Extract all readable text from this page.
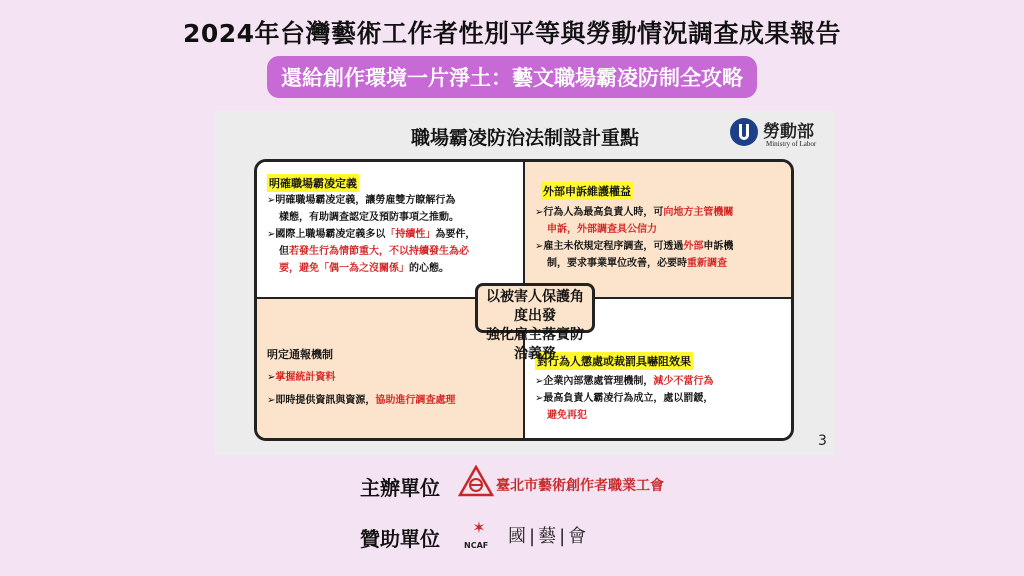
2024年台灣藝術工作者性別平等與勞動情況調查成果報告
還給創作環境一片淨土：藝文職場霸凌防制全攻略
職場霸凌防治法制設計重點	勞動部
Ministry of Labor
明確職場霸凌定義

➢明確職場霸凌定義，讓勞雇雙方瞭解行為

樣態，有助調查認定及預防事項之推動。

➢國際上職場霸凌定義多以「持續性」為要件，

但若發生行為情節重大，不以持續發生為必

要，避免「偶一為之沒關係」的心態。

外部申訴維護權益

➢行為人為最高負責人時，可向地方主管機關

申訴，外部調查具公信力

➢雇主未依規定程序調查，可透過外部申訴機

制，要求事業單位改善，必要時重新調查

明定通報機制

➢掌握統計資料

➢即時提供資訊與資源，協助進行調查處理

對行為人懲處或裁罰具嚇阻效果

➢企業內部懲處管理機制，減少不當行為

➢最高負責人霸凌行為成立，處以罰鍰，

避免再犯

以被害人保護角度出發
強化雇主落實防治義務
3
主辦單位	臺北市藝術創作者職業工會
贊助單位	✶
NCAF 國|藝|會
